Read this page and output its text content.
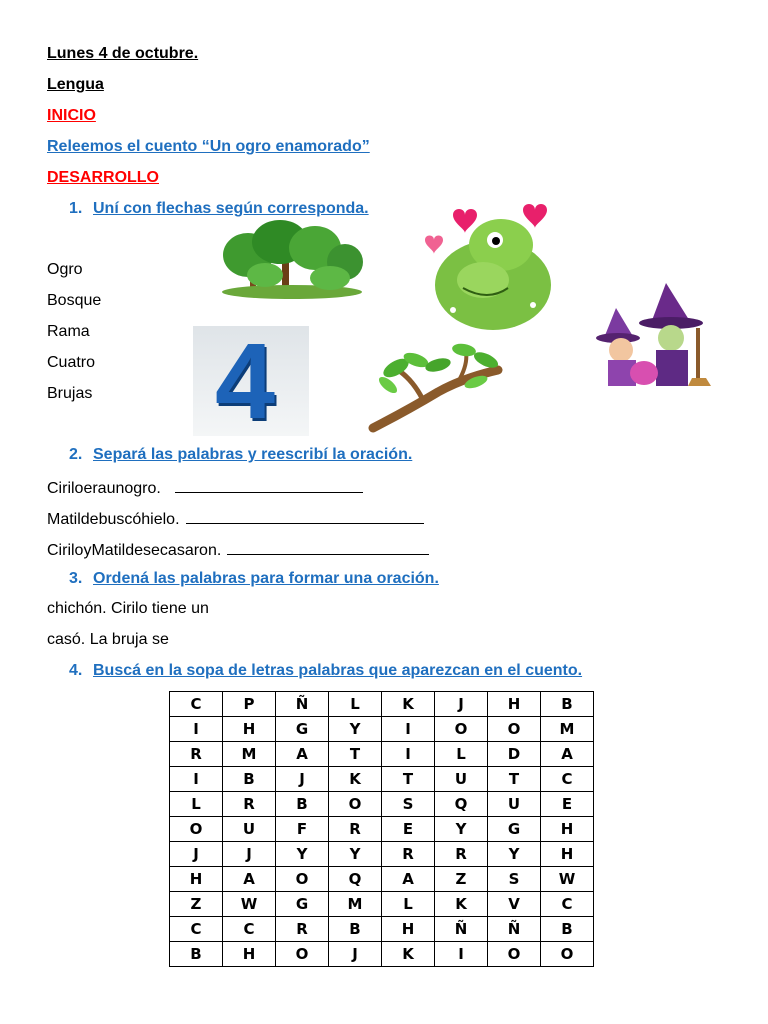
Lunes 4 de octubre.
Lengua
INICIO
Releemos el cuento “Un ogro enamorado”
DESARROLLO
1. Uní con flechas según corresponda.
Ogro
Bosque
Rama
Cuatro
Brujas 4
2. Separá las palabras y reescribí la oración.
Ciriloeraunogro.
Matildebuscóhielo.
CiriloyMatildesecasaron.
3. Ordená las palabras para formar una oración.
chichón. Cirilo tiene un
casó. La bruja se
4. Buscá en la sopa de letras palabras que aparezcan en el cuento.
C	P	Ñ	L	K	J	H	B
I	H	G	Y	I	O	O	M
R	M	A	T	I	L	D	A
I	B	J	K	T	U	T	C
L	R	B	O	S	Q	U	E
O	U	F	R	E	Y	G	H
J	J	Y	Y	R	R	Y	H
H	A	O	Q	A	Z	S	W
Z	W	G	M	L	K	V	C
C	C	R	B	H	Ñ	Ñ	B
B	H	O	J	K	I	O	O
